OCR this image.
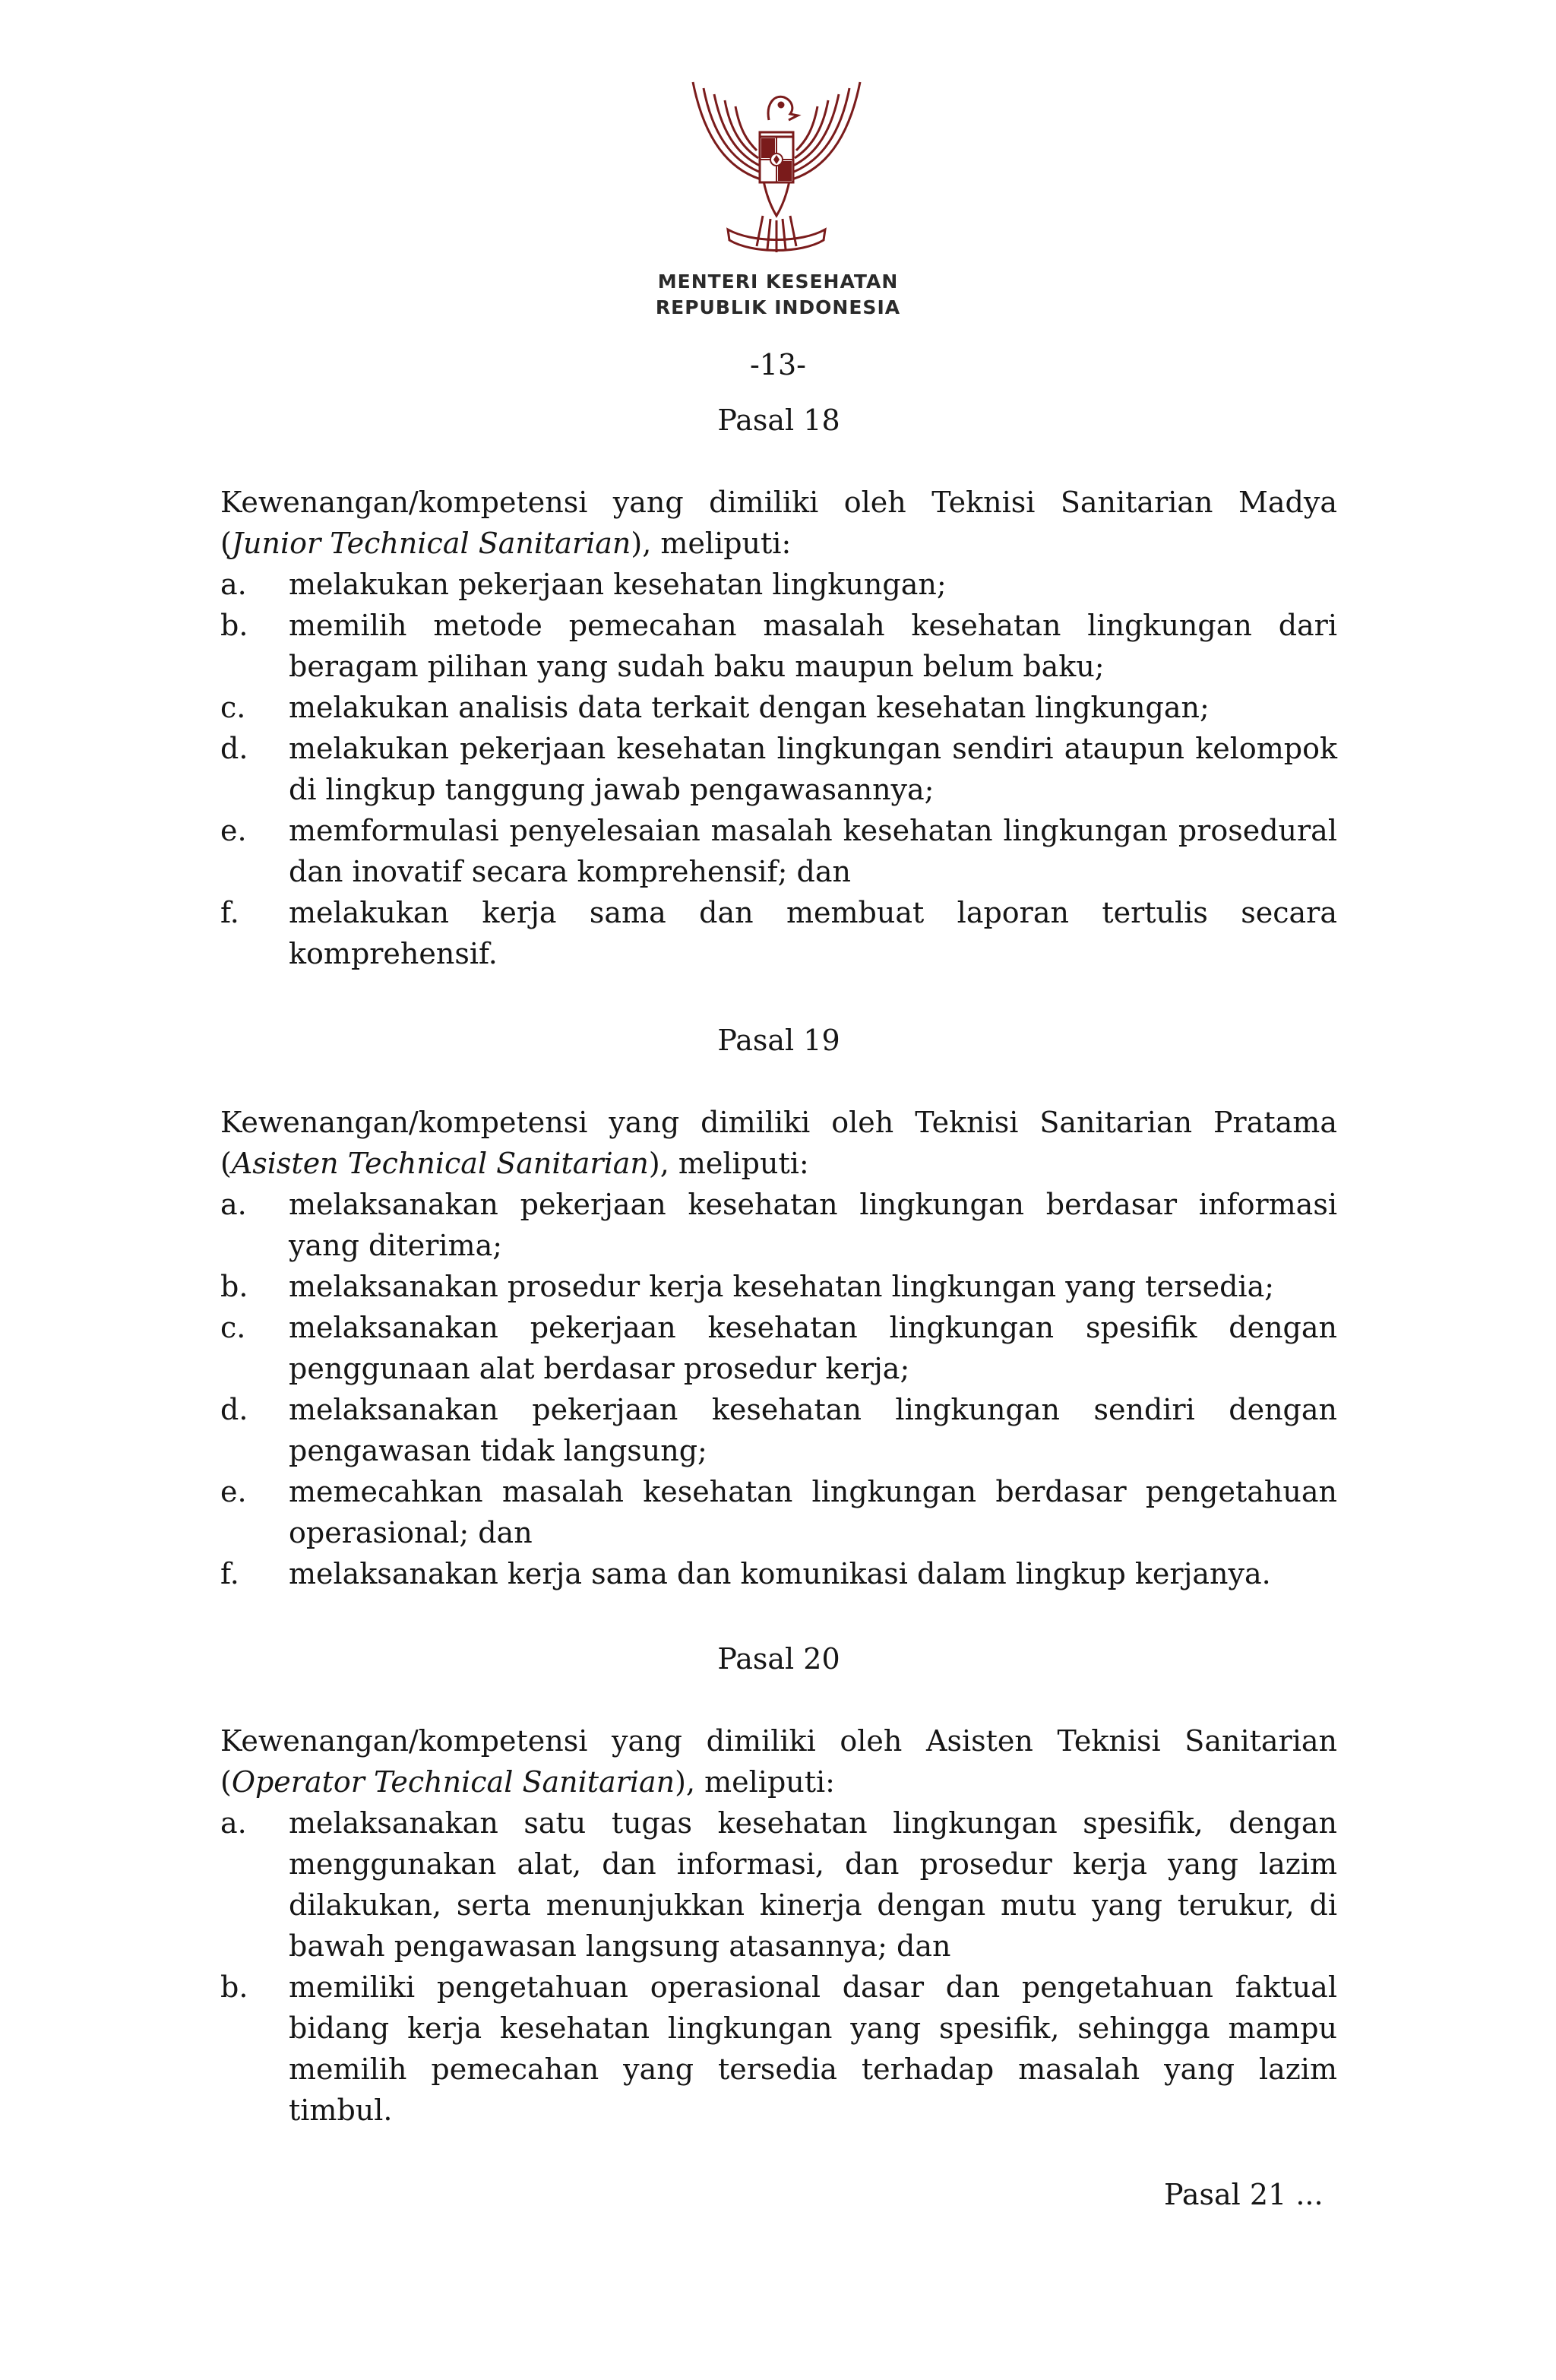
MENTERI KESEHATAN
REPUBLIK INDONESIA
-13-
Pasal 18
Kewenangan/kompetensi yang dimiliki oleh Teknisi Sanitarian Madya
(Junior Technical Sanitarian), meliputi:
a. melakukan pekerjaan kesehatan lingkungan;
b. memilih metode pemecahan masalah kesehatan lingkungan dari beragam pilihan yang sudah baku maupun belum baku;
c. melakukan analisis data terkait dengan kesehatan lingkungan;
d. melakukan pekerjaan kesehatan lingkungan sendiri ataupun kelompok di lingkup tanggung jawab pengawasannya;
e. memformulasi penyelesaian masalah kesehatan lingkungan prosedural dan inovatif secara komprehensif; dan
f. melakukan kerja sama dan membuat laporan tertulis secara komprehensif.
Pasal 19
Kewenangan/kompetensi yang dimiliki oleh Teknisi Sanitarian Pratama
(Asisten Technical Sanitarian), meliputi:
a. melaksanakan pekerjaan kesehatan lingkungan berdasar informasi yang diterima;
b. melaksanakan prosedur kerja kesehatan lingkungan yang tersedia;
c. melaksanakan pekerjaan kesehatan lingkungan spesifik dengan penggunaan alat berdasar prosedur kerja;
d. melaksanakan pekerjaan kesehatan lingkungan sendiri dengan pengawasan tidak langsung;
e. memecahkan masalah kesehatan lingkungan berdasar pengetahuan operasional; dan
f. melaksanakan kerja sama dan komunikasi dalam lingkup kerjanya.
Pasal 20
Kewenangan/kompetensi yang dimiliki oleh Asisten Teknisi Sanitarian
(Operator Technical Sanitarian), meliputi:
a. melaksanakan satu tugas kesehatan lingkungan spesifik, dengan menggunakan alat, dan informasi, dan prosedur kerja yang lazim dilakukan, serta menunjukkan kinerja dengan mutu yang terukur, di bawah pengawasan langsung atasannya; dan
b. memiliki pengetahuan operasional dasar dan pengetahuan faktual bidang kerja kesehatan lingkungan yang spesifik, sehingga mampu memilih pemecahan yang tersedia terhadap masalah yang lazim timbul.
Pasal 21 ...
